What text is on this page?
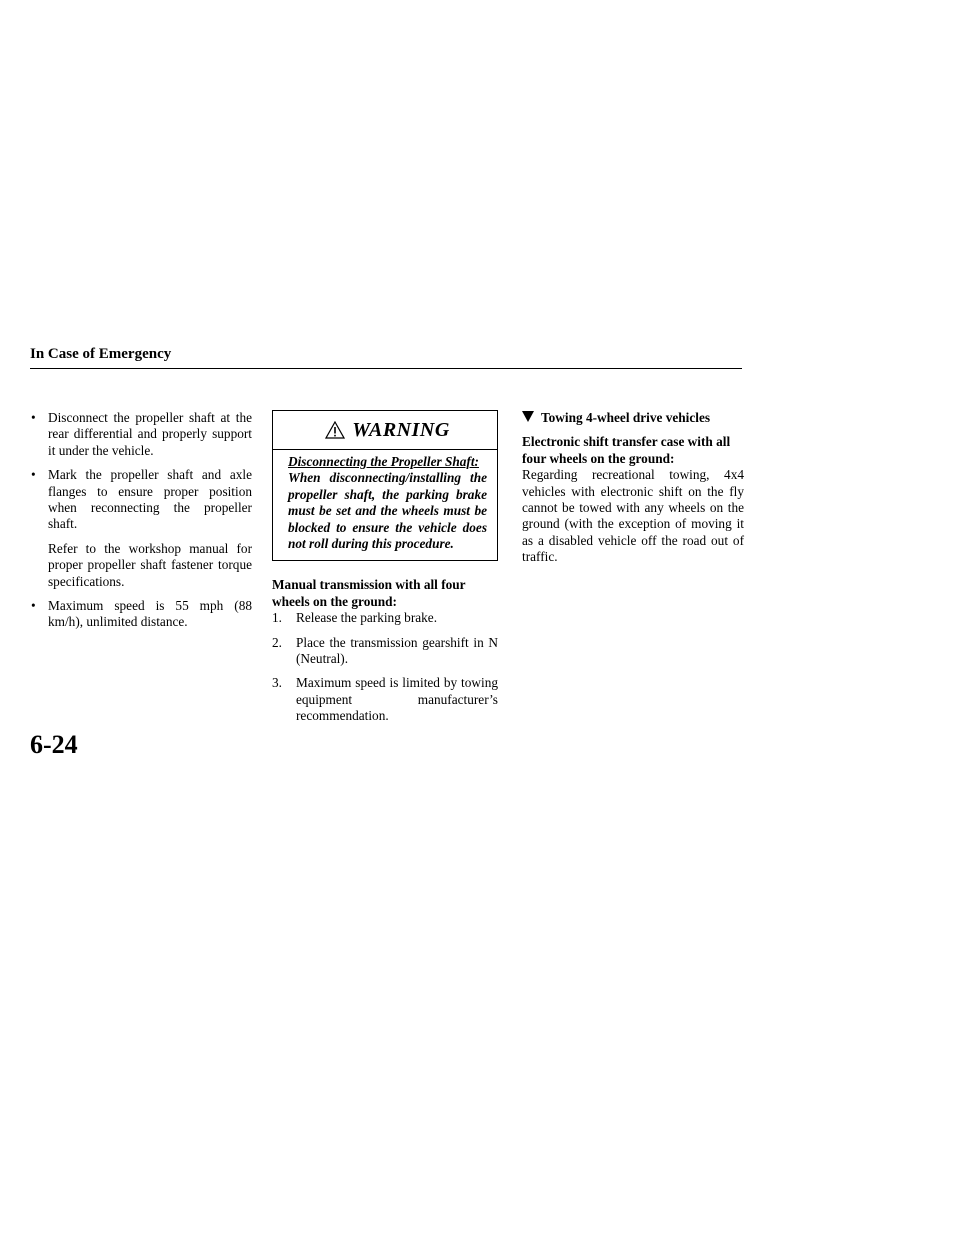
In Case of Emergency
• Disconnect the propeller shaft at the rear differential and properly support it under the vehicle.

• Mark the propeller shaft and axle flanges to ensure proper position when reconnecting the propeller shaft.

Refer to the workshop manual for proper propeller shaft fastener torque specifications.

• Maximum speed is 55 mph (88 km/h), unlimited distance.

WARNING

Disconnecting the Propeller Shaft:

When disconnecting/installing the propeller shaft, the parking brake must be set and the wheels must be blocked to ensure the vehicle does not roll during this procedure.

Manual transmission with all four wheels on the ground:

1. Release the parking brake.
2. Place the transmission gearshift in N (Neutral).
3. Maximum speed is limited by towing equipment manufacturer’s recommendation.
Towing 4-wheel drive vehicles

Electronic shift transfer case with all four wheels on the ground:

Regarding recreational towing, 4x4 vehicles with electronic shift on the fly cannot be towed with any wheels on the ground (with the exception of moving it as a disabled vehicle off the road out of traffic.

6-24
